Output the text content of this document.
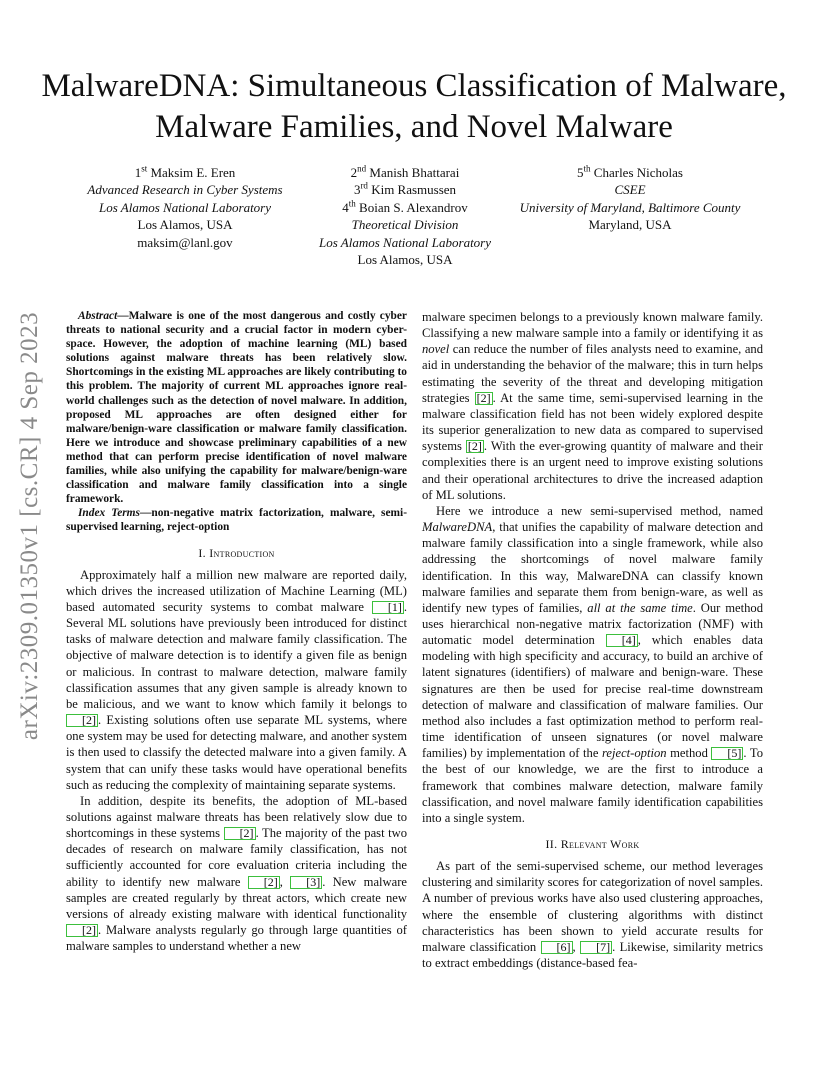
MalwareDNA: Simultaneous Classification of Malware, Malware Families, and Novel Malware
arXiv:2309.01350v1 [cs.CR] 4 Sep 2023
1st Maksim E. Eren
Advanced Research in Cyber Systems
Los Alamos National Laboratory
Los Alamos, USA
maksim@lanl.gov
2nd Manish Bhattarai
3rd Kim Rasmussen
4th Boian S. Alexandrov
Theoretical Division
Los Alamos National Laboratory
Los Alamos, USA
5th Charles Nicholas
CSEE
University of Maryland, Baltimore County
Maryland, USA

Abstract—Malware is one of the most dangerous and costly cyber threats to national security and a crucial factor in modern cyber-space. However, the adoption of machine learning (ML) based solutions against malware threats has been relatively slow. Shortcomings in the existing ML approaches are likely contributing to this problem. The majority of current ML approaches ignore real-world challenges such as the detection of novel malware. In addition, proposed ML approaches are often designed either for malware/benign-ware classification or malware family classification. Here we introduce and showcase preliminary capabilities of a new method that can perform precise identification of novel malware families, while also unifying the capability for malware/benign-ware classification and malware family classification into a single framework.

Index Terms—non-negative matrix factorization, malware, semi-supervised learning, reject-option

I. Introduction

Approximately half a million new malware are reported daily, which drives the increased utilization of Machine Learning (ML) based automated security systems to combat malware [1] . Several ML solutions have previously been introduced for distinct tasks of malware detection and malware family classification. The objective of malware detection is to identify a given file as benign or malicious. In contrast to malware detection, malware family classification assumes that any given sample is already known to be malicious, and we want to know which family it belongs to [2] . Existing solutions often use separate ML systems, where one system may be used for detecting malware, and another system is then used to classify the detected malware into a given family. A system that can unify these tasks would have operational benefits such as reducing the complexity of maintaining separate systems.

In addition, despite its benefits, the adoption of ML-based solutions against malware threats has been relatively slow due to shortcomings in these systems [2] . The majority of the past two decades of research on malware family classification, has not sufficiently accounted for core evaluation criteria including the ability to identify new malware [2] , [3] . New malware samples are created regularly by threat actors, which create new versions of already existing malware with identical functionality [2] . Malware analysts regularly go through large quantities of malware samples to understand whether a new

malware specimen belongs to a previously known malware family. Classifying a new malware sample into a family or identifying it as novel can reduce the number of files analysts need to examine, and aid in understanding the behavior of the malware; this in turn helps estimating the severity of the threat and developing mitigation strategies [2] . At the same time, semi-supervised learning in the malware classification field has not been widely explored despite its superior generalization to new data as compared to supervised systems [2] . With the ever-growing quantity of malware and their complexities there is an urgent need to improve existing solutions and their operational architectures to drive the increased adaption of ML solutions.

Here we introduce a new semi-supervised method, named MalwareDNA, that unifies the capability of malware detection and malware family classification into a single framework, while also addressing the shortcomings of novel malware family identification. In this way, MalwareDNA can classify known malware families and separate them from benign-ware, as well as identify new types of families, all at the same time. Our method uses hierarchical non-negative matrix factorization (NMF) with automatic model determination [4] , which enables data modeling with high specificity and accuracy, to build an archive of latent signatures (identifiers) of malware and benign-ware. These signatures are then be used for precise real-time downstream detection of malware and classification of malware families. Our method also includes a fast optimization method to perform real-time identification of unseen signatures (or novel malware families) by implementation of the reject-option method [5] . To the best of our knowledge, we are the first to introduce a framework that combines malware detection, malware family classification, and novel malware family identification capabilities into a single system.

II. Relevant Work

As part of the semi-supervised scheme, our method leverages clustering and similarity scores for categorization of novel samples. A number of previous works have also used clustering approaches, where the ensemble of clustering algorithms with distinct characteristics has been shown to yield accurate results for malware classification [6] , [7] . Likewise, similarity metrics to extract embeddings (distance-based fea-
